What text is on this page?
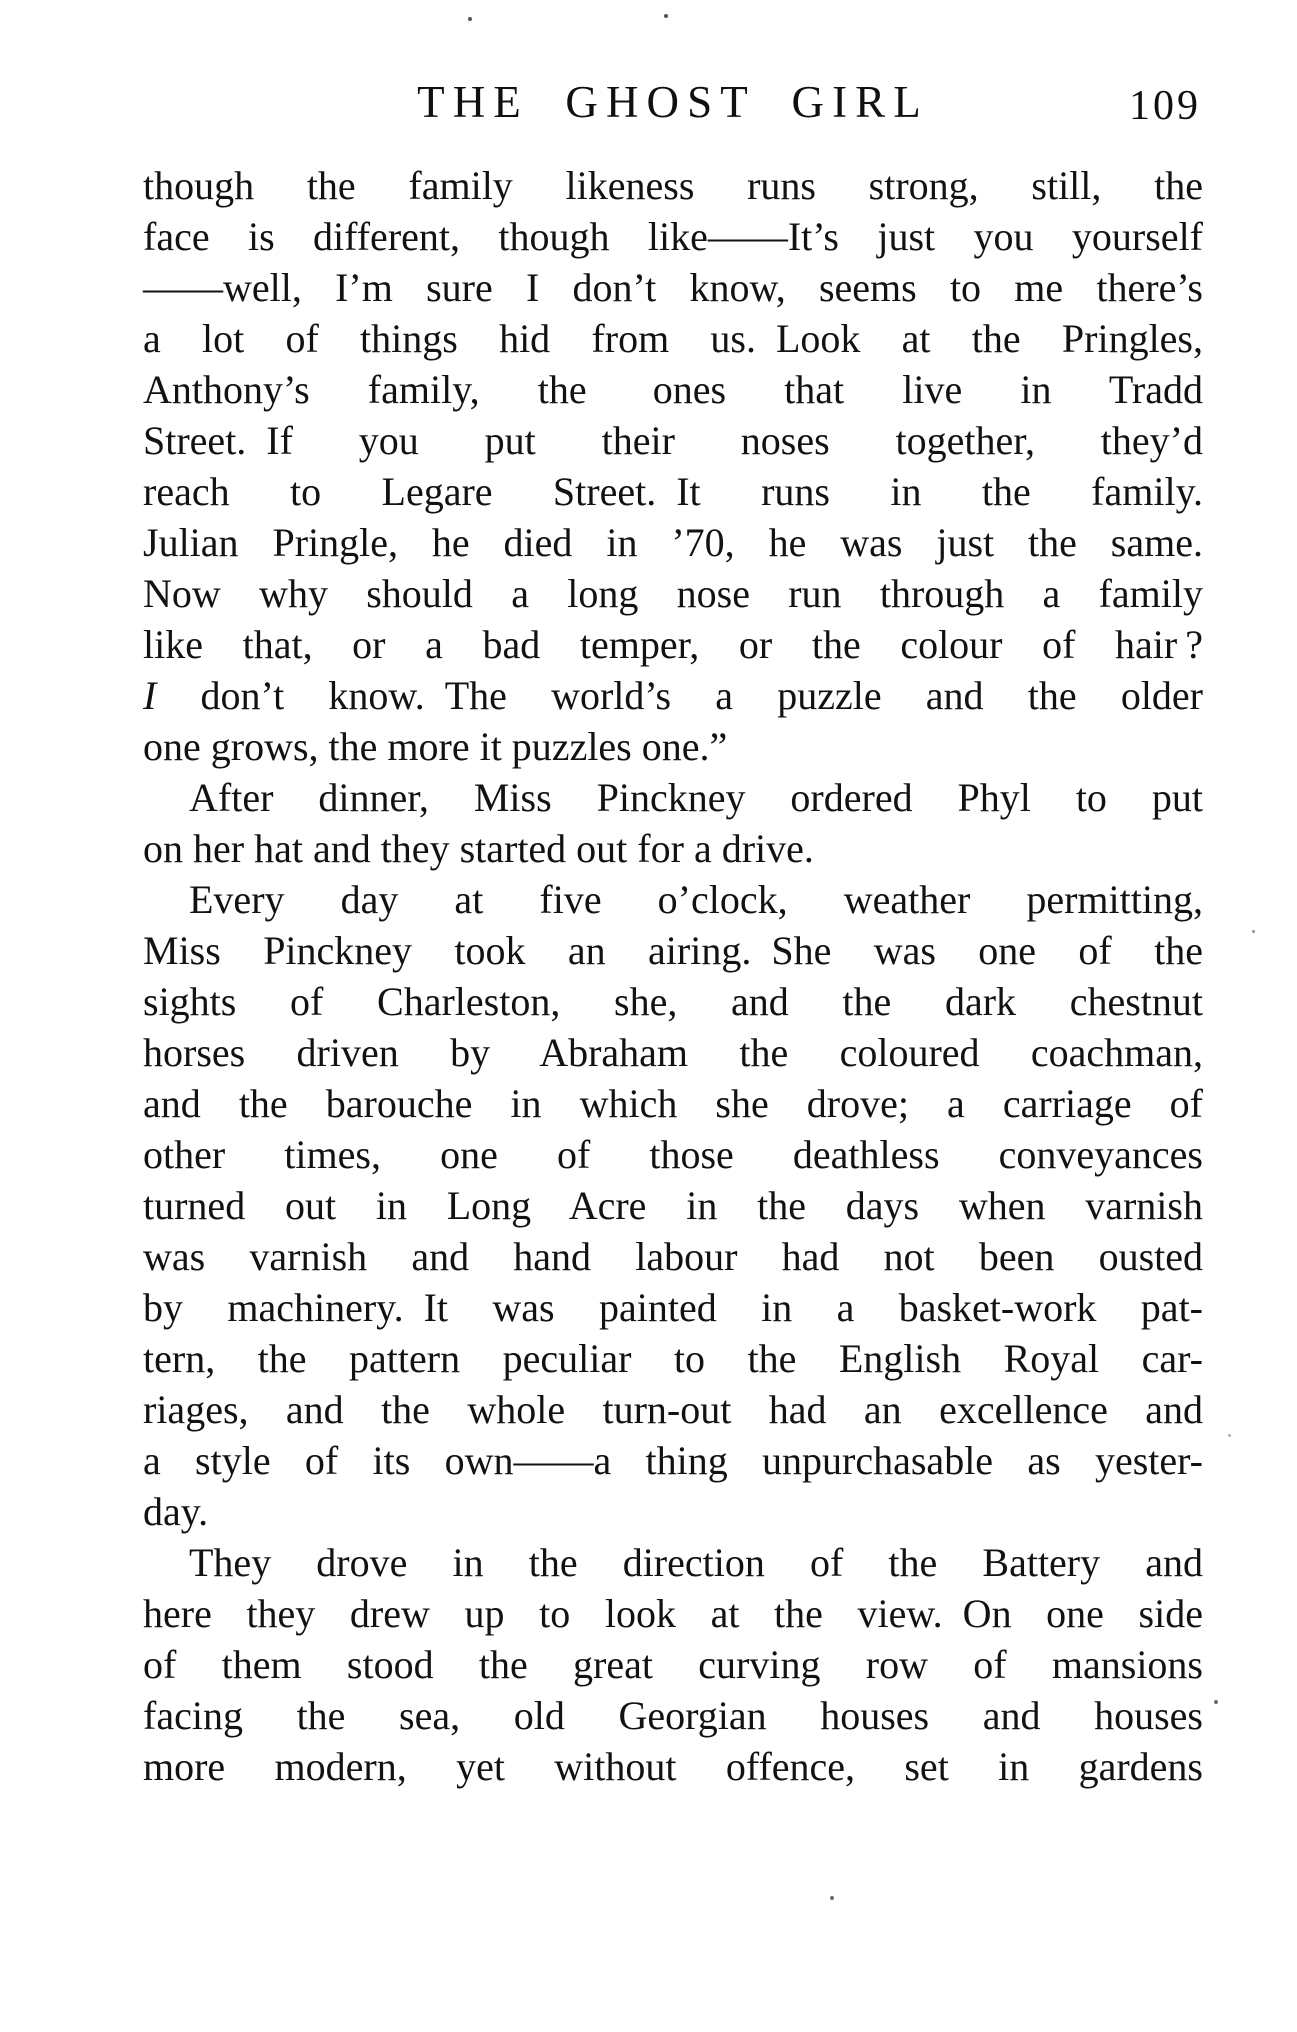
THE GHOST GIRL	109
though the family likeness runs strong, still, the
face is different, though like——It’s just you yourself
——well, I’m sure I don’t know, seems to me there’s
a lot of things hid from us. Look at the Pringles,
Anthony’s family, the  ones that live in Tradd
Street. If you put their noses together, they’d
reach to Legare Street. It runs in the family.
Julian Pringle, he died in ’70, he was just the same.
Now why should a long nose run through a family
like that, or a bad temper, or the colour of hair ?
I don’t know. The world’s a puzzle and the older
one grows, the more it puzzles one.”
After dinner, Miss Pinckney ordered Phyl to put
on her hat and they started out for a drive.
Every day at five o’clock, weather permitting,
Miss Pinckney took an airing. She was one of the
sights of Charleston, she, and the dark chestnut
horses driven by Abraham the coloured coachman,
and the barouche in which she drove; a carriage of
other times, one of those deathless conveyances
turned out in Long Acre in the days when varnish
was varnish and hand labour had not been ousted
by machinery. It was painted in a basket-work pat-
tern, the pattern peculiar to the English Royal car-
riages, and the whole turn-out had an excellence and
a style of its own——a thing unpurchasable as yester-
day.
They drove in the direction of the Battery and
here they drew up to look at the view. On one side
of them stood the great curving row of mansions
facing the sea, old Georgian houses and houses
more modern, yet without offence, set in gardens
